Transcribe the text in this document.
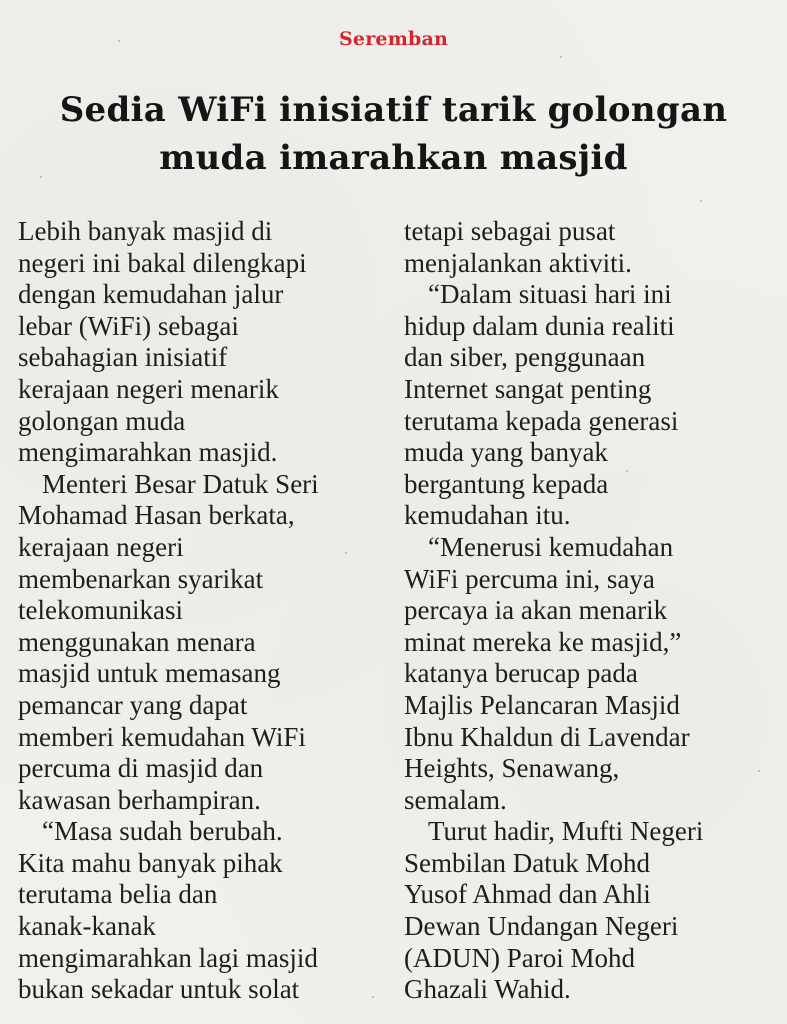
Seremban
Sedia WiFi inisiatif tarik golongan
muda imarahkan masjid
Lebih banyak masjid di
negeri ini bakal dilengkapi
dengan kemudahan jalur
lebar (WiFi) sebagai
sebahagian inisiatif
kerajaan negeri menarik
golongan muda
mengimarahkan masjid.
Menteri Besar Datuk Seri
Mohamad Hasan berkata,
kerajaan negeri
membenarkan syarikat
telekomunikasi
menggunakan menara
masjid untuk memasang
pemancar yang dapat
memberi kemudahan WiFi
percuma di masjid dan
kawasan berhampiran.
“Masa sudah berubah.
Kita mahu banyak pihak
terutama belia dan
kanak-kanak
mengimarahkan lagi masjid
bukan sekadar untuk solat
tetapi sebagai pusat
menjalankan aktiviti.
“Dalam situasi hari ini
hidup dalam dunia realiti
dan siber, penggunaan
Internet sangat penting
terutama kepada generasi
muda yang banyak
bergantung kepada
kemudahan itu.
“Menerusi kemudahan
WiFi percuma ini, saya
percaya ia akan menarik
minat mereka ke masjid,”
katanya berucap pada
Majlis Pelancaran Masjid
Ibnu Khaldun di Lavendar
Heights, Senawang,
semalam.
Turut hadir, Mufti Negeri
Sembilan Datuk Mohd
Yusof Ahmad dan Ahli
Dewan Undangan Negeri
(ADUN) Paroi Mohd
Ghazali Wahid.
